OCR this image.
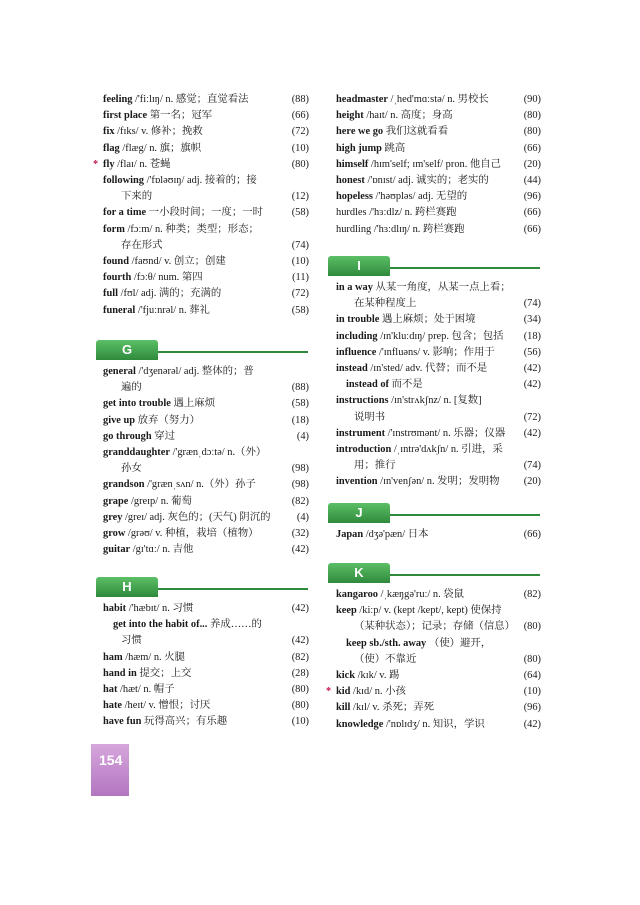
feeling /'fiːlɪŋ/ n. 感觉；直觉看法	(88)
first place 第一名；冠军	(66)
fix /fɪks/ v. 修补；挽救	(72)
flag /flæg/ n. 旗；旗帜	(10)
* fly /flaɪ/ n. 苍蝇	(80)
following /'fɒləʊɪŋ/ adj. 接着的；接
下来的	(12)
for a time 一小段时间；一度；一时	(58)
form /fɔːm/ n. 种类；类型；形态；
存在形式	(74)
found /faʊnd/ v. 创立；创建	(10)
fourth /fɔːθ/ num. 第四	(11)
full /fʊl/ adj. 满的；充满的	(72)
funeral /'fjuːnrəl/ n. 葬礼	(58)
G
general /'dʒenərəl/ adj. 整体的；普
遍的	(88)
get into trouble 遇上麻烦	(58)
give up 放弃（努力）	(18)
go through 穿过	(4)
granddaughter /'grænˌdɔːtə/ n.（外）
孙女	(98)
grandson /'grænˌsʌn/ n.（外）孙子	(98)
grape /greɪp/ n. 葡萄	(82)
grey /greɪ/ adj. 灰色的；(天气) 阴沉的	(4)
grow /grəʊ/ v. 种植，栽培（植物）	(32)
guitar /gɪ'tɑː/ n. 吉他	(42)
H
habit /'hæbɪt/ n. 习惯	(42)
get into the habit of... 养成……的
习惯	(42)
ham /hæm/ n. 火腿	(82)
hand in 提交；上交	(28)
hat /hæt/ n. 帽子	(80)
hate /heɪt/ v. 憎恨；讨厌	(80)
have fun 玩得高兴；有乐趣	(10)
headmaster /ˌhed'mɑːstə/ n. 男校长	(90)
height /haɪt/ n. 高度；身高	(80)
here we go 我们这就看看	(80)
high jump 跳高	(66)
himself /hɪm'self; ɪm'self/ pron. 他自己	(20)
honest /'ɒnɪst/ adj. 诚实的；老实的	(44)
hopeless /'həʊpləs/ adj. 无望的	(96)
hurdles /'hɜːdlz/ n. 跨栏赛跑	(66)
hurdling /'hɜːdlɪŋ/ n. 跨栏赛跑	(66)
I
in a way 从某一角度，从某一点上看；
在某种程度上	(74)
in trouble 遇上麻烦；处于困境	(34)
including /ɪn'kluːdɪŋ/ prep. 包含；包括	(18)
influence /'ɪnfluəns/ v. 影响；作用于	(56)
instead /ɪn'sted/ adv. 代替；而不是	(42)
instead of 而不是	(42)
instructions /ɪn'strʌkʃnz/ n. [复数]
说明书	(72)
instrument /'ɪnstrʊmənt/ n. 乐器；仪器	(42)
introduction /ˌɪntrə'dʌkʃn/ n. 引进，采
用；推行	(74)
invention /ɪn'venʃən/ n. 发明；发明物	(20)
J
Japan /dʒə'pæn/ 日本	(66)
K
kangaroo /ˌkæŋgə'ruː/ n. 袋鼠	(82)
keep /kiːp/ v. (kept /kept/, kept) 使保持
（某种状态）；记录；存储（信息） (80)
keep sb./sth. away （使）避开，
（使）不靠近	(80)
kick /kɪk/ v. 踢	(64)
* kid /kɪd/ n. 小孩	(10)
kill /kɪl/ v. 杀死；弄死	(96)
knowledge /'nɒlɪdʒ/ n. 知识，学识	(42)
154
